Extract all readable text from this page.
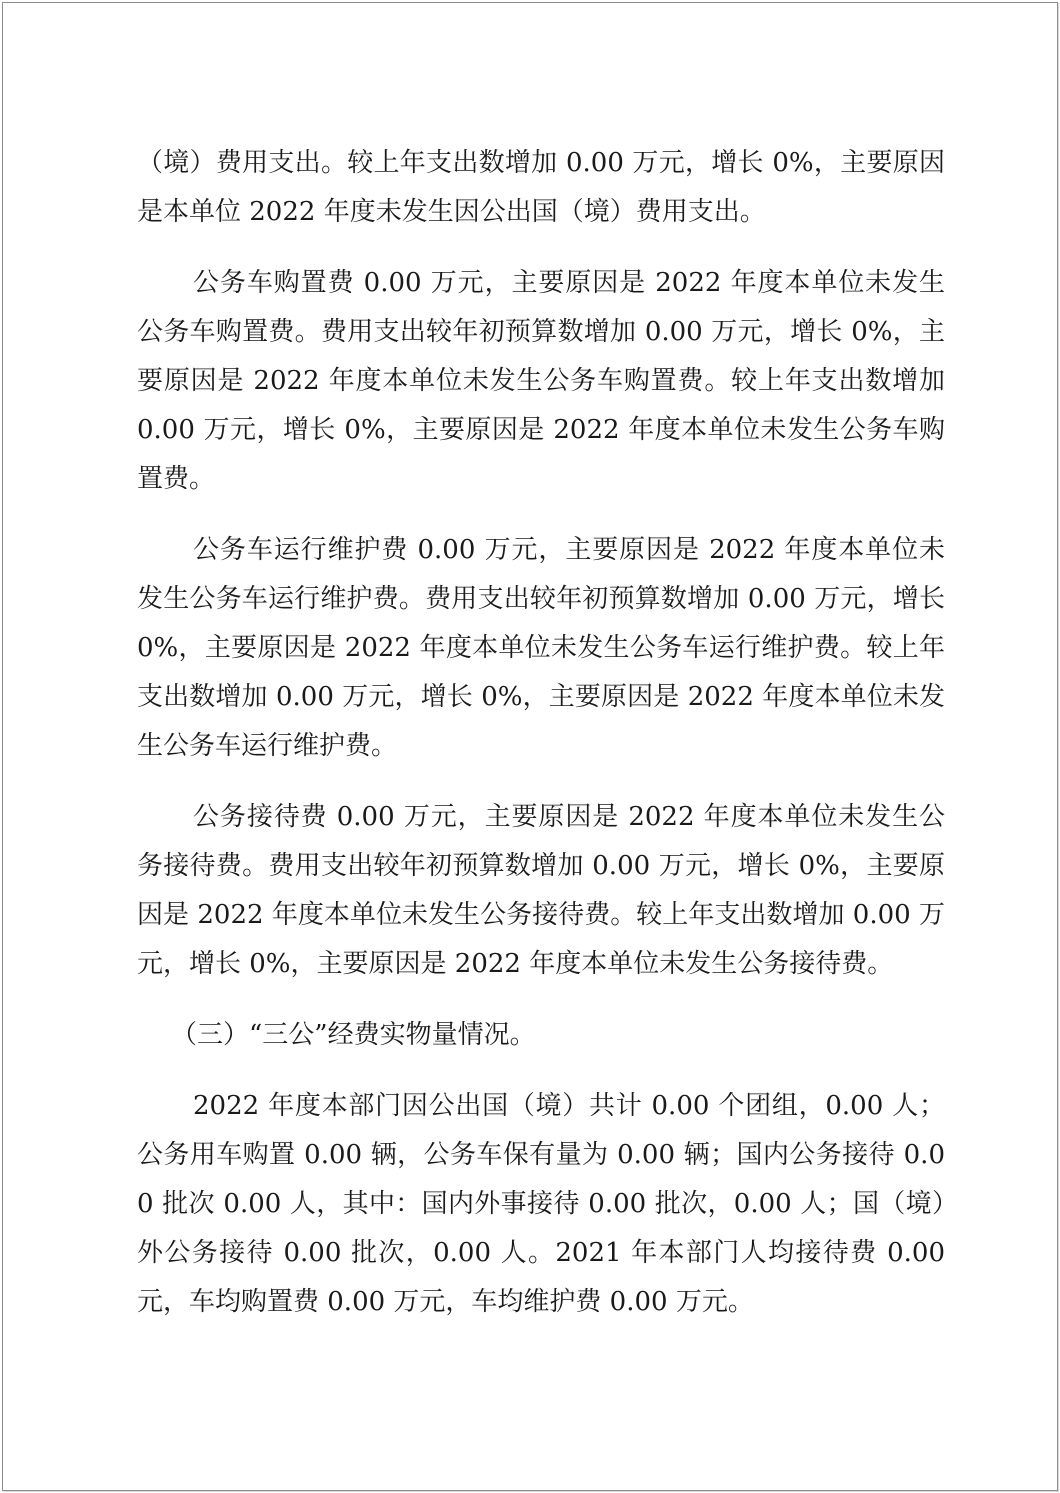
（境）费用支出。较上年支出数增加 0.00 万元，增长 0%，主要原因是本单位 2022 年度未发生因公出国（境）费用支出。

公务车购置费 0.00 万元，主要原因是 2022 年度本单位未发生公务车购置费。费用支出较年初预算数增加 0.00 万元，增长 0%，主要原因是 2022 年度本单位未发生公务车购置费。较上年支出数增加 0.00 万元，增长 0%，主要原因是 2022 年度本单位未发生公务车购置费。

公务车运行维护费 0.00 万元，主要原因是 2022 年度本单位未发生公务车运行维护费。费用支出较年初预算数增加 0.00 万元，增长 0%，主要原因是 2022 年度本单位未发生公务车运行维护费。较上年支出数增加 0.00 万元，增长 0%，主要原因是 2022 年度本单位未发生公务车运行维护费。

公务接待费 0.00 万元，主要原因是 2022 年度本单位未发生公务接待费。费用支出较年初预算数增加 0.00 万元，增长 0%，主要原因是 2022 年度本单位未发生公务接待费。较上年支出数增加 0.00 万元，增长 0%，主要原因是 2022 年度本单位未发生公务接待费。

（三）“三公”经费实物量情况。

2022 年度本部门因公出国（境）共计 0.00 个团组，0.00 人；公务用车购置 0.00 辆，公务车保有量为 0.00 辆；国内公务接待 0.00 批次 0.00 人，其中：国内外事接待 0.00 批次，0.00 人；国（境）外公务接待 0.00 批次，0.00 人。2021 年本部门人均接待费 0.00 元，车均购置费 0.00 万元，车均维护费 0.00 万元。
